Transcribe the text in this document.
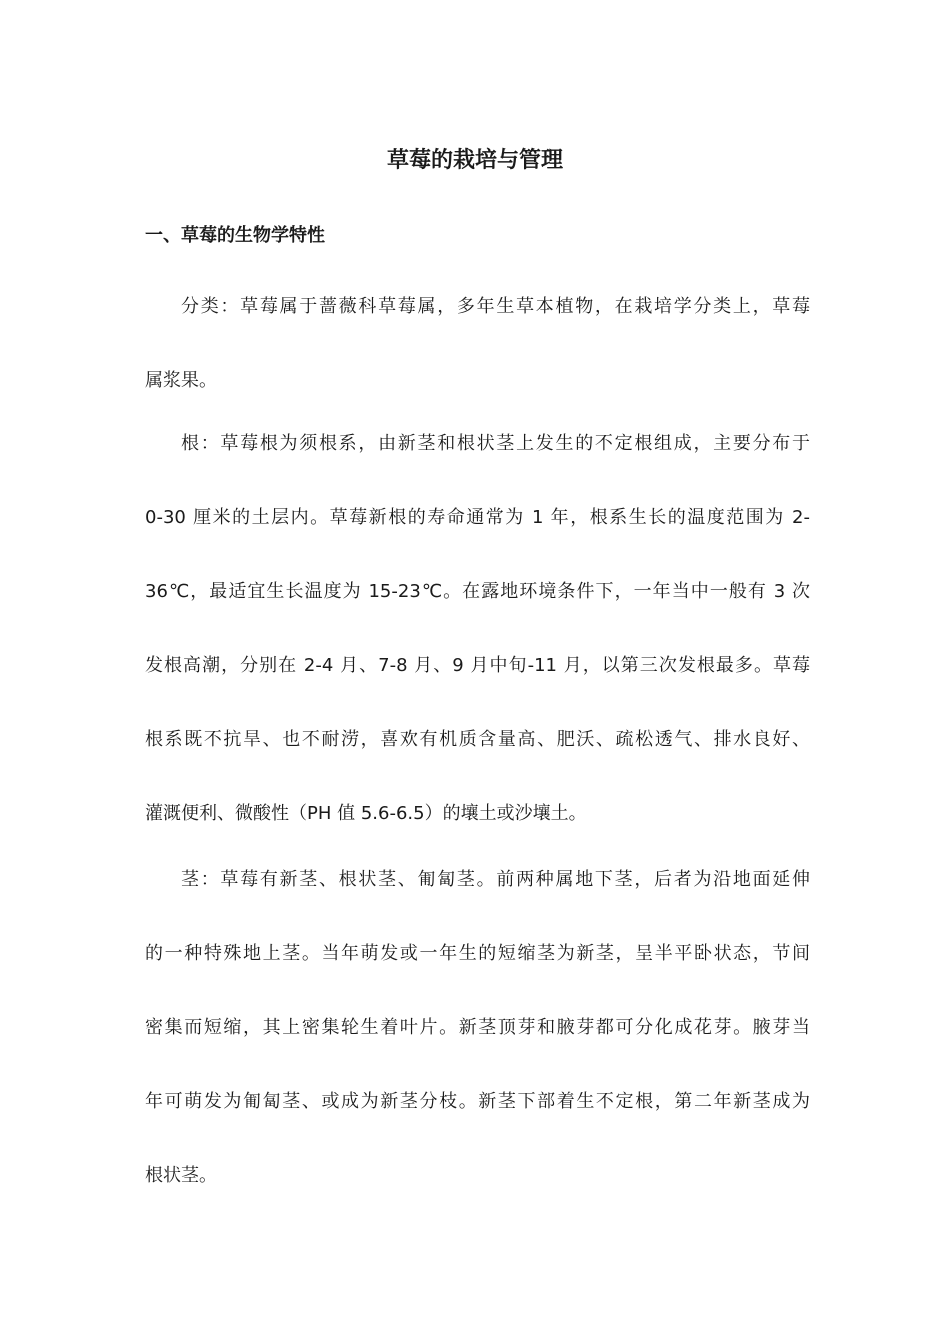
草莓的栽培与管理
一、草莓的生物学特性
分类：草莓属于蔷薇科草莓属，多年生草本植物，在栽培学分类上，草莓
属浆果。
根：草莓根为须根系，由新茎和根状茎上发生的不定根组成，主要分布于
0-30 厘米的土层内。草莓新根的寿命通常为 1 年，根系生长的温度范围为 2-
36℃，最适宜生长温度为 15-23℃。在露地环境条件下，一年当中一般有 3 次
发根高潮，分别在 2-4 月、7-8 月、9 月中旬-11 月，以第三次发根最多。草莓
根系既不抗旱、也不耐涝，喜欢有机质含量高、肥沃、疏松透气、排水良好、
灌溉便利、微酸性（PH 值 5.6-6.5）的壤土或沙壤土。
茎：草莓有新茎、根状茎、匍匐茎。前两种属地下茎，后者为沿地面延伸
的一种特殊地上茎。当年萌发或一年生的短缩茎为新茎，呈半平卧状态，节间
密集而短缩，其上密集轮生着叶片。新茎顶芽和腋芽都可分化成花芽。腋芽当
年可萌发为匍匐茎、或成为新茎分枝。新茎下部着生不定根，第二年新茎成为
根状茎。
